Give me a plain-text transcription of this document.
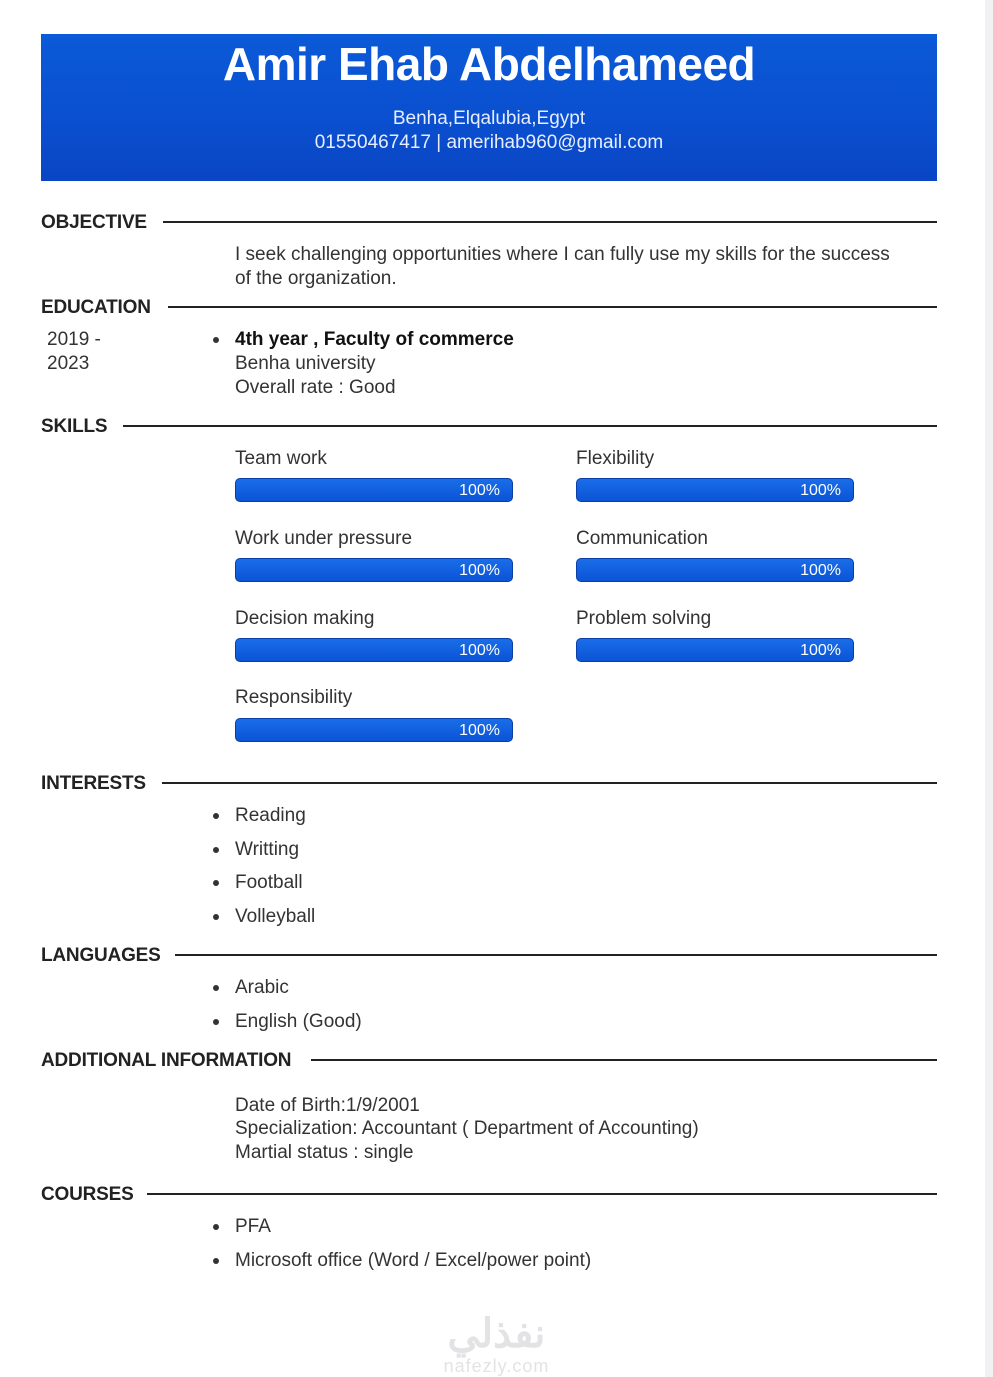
Amir Ehab Abdelhameed
Benha,Elqalubia,Egypt
01550467417 | amerihab960@gmail.com
OBJECTIVE
I seek challenging opportunities where I can fully use my skills for the success
of the organization.
EDUCATION
2019 -
2023
4th year , Faculty of commerce
Benha university
Overall rate : Good
SKILLS
Team work
100%
Flexibility
100%
Work under pressure
100%
Communication
100%
Decision making
100%
Problem solving
100%
Responsibility
100%
INTERESTS
Reading
Writting
Football
Volleyball
LANGUAGES
Arabic
English (Good)
ADDITIONAL INFORMATION
Date of Birth:1/9/2001
Specialization: Accountant ( Department of Accounting)
Martial status : single
COURSES
PFA
Microsoft office (Word / Excel/power point)
نفذلي
nafezly.com
